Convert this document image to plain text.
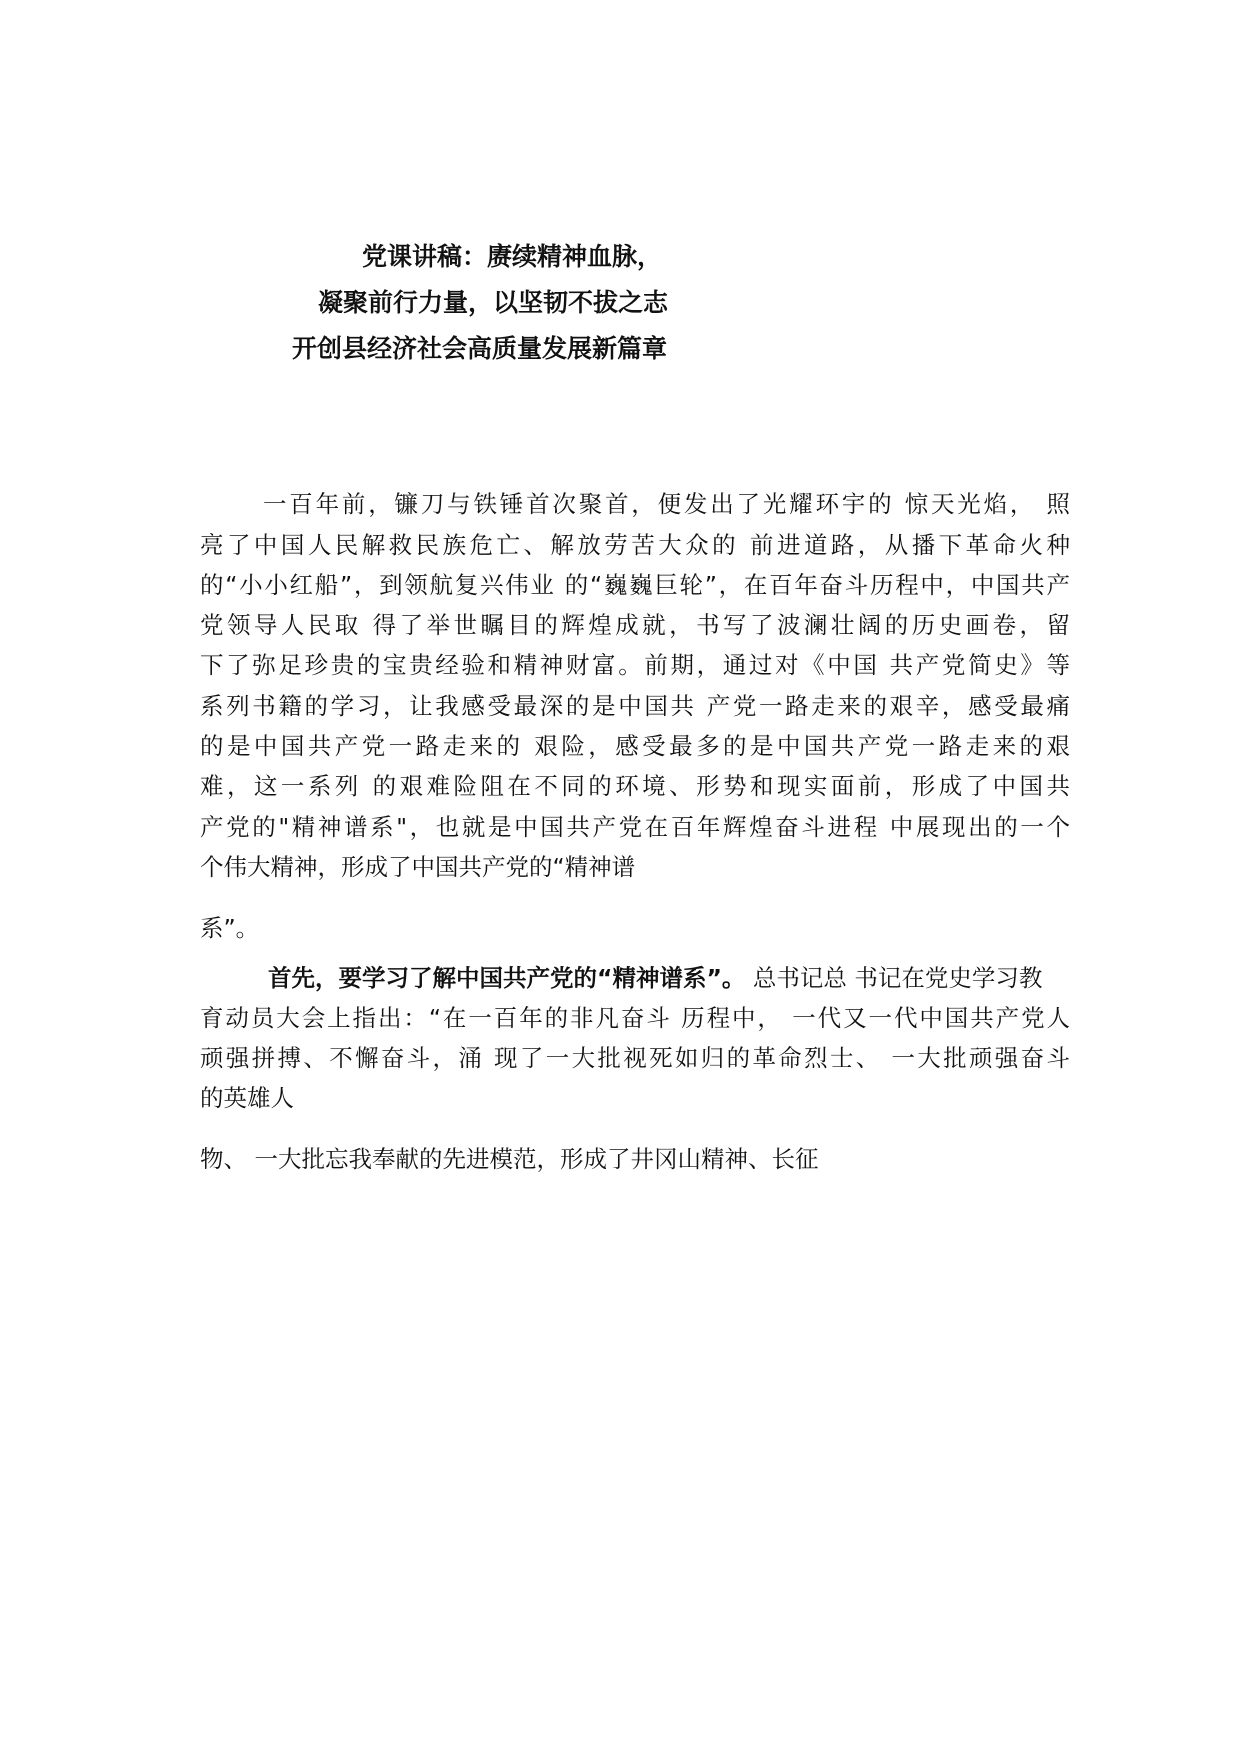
党课讲稿：赓续精神血脉，
凝聚前行力量，以坚韧不拔之志
开创县经济社会高质量发展新篇章
一百年前，镰刀与铁锤首次聚首，便发出了光耀环宇的 惊天光焰， 照
亮了中国人民解救民族危亡、解放劳苦大众的 前进道路，从播下革命火种
的“小小红船”，到领航复兴伟业 的“巍巍巨轮”，在百年奋斗历程中，中国共产
党领导人民取 得了举世瞩目的辉煌成就，书写了波澜壮阔的历史画卷，留
下了弥足珍贵的宝贵经验和精神财富。前期，通过对《中国 共产党简史》等
系列书籍的学习，让我感受最深的是中国共 产党一路走来的艰辛，感受最痛
的是中国共产党一路走来的 艰险，感受最多的是中国共产党一路走来的艰
难，这一系列 的艰难险阻在不同的环境、形势和现实面前，形成了中国共
产党的"精神谱系"，也就是中国共产党在百年辉煌奋斗进程 中展现出的一个
个伟大精神，形成了中国共产党的“精神谱
系”。
首先，要学习了解中国共产党的“精神谱系”。 总书记总 书记在党史学习教
育动员大会上指出：“在一百年的非凡奋斗 历程中， 一代又一代中国共产党人
顽强拼搏、不懈奋斗，涌 现了一大批视死如归的革命烈士、 一大批顽强奋斗
的英雄人
物、 一大批忘我奉献的先进模范，形成了井冈山精神、长征
